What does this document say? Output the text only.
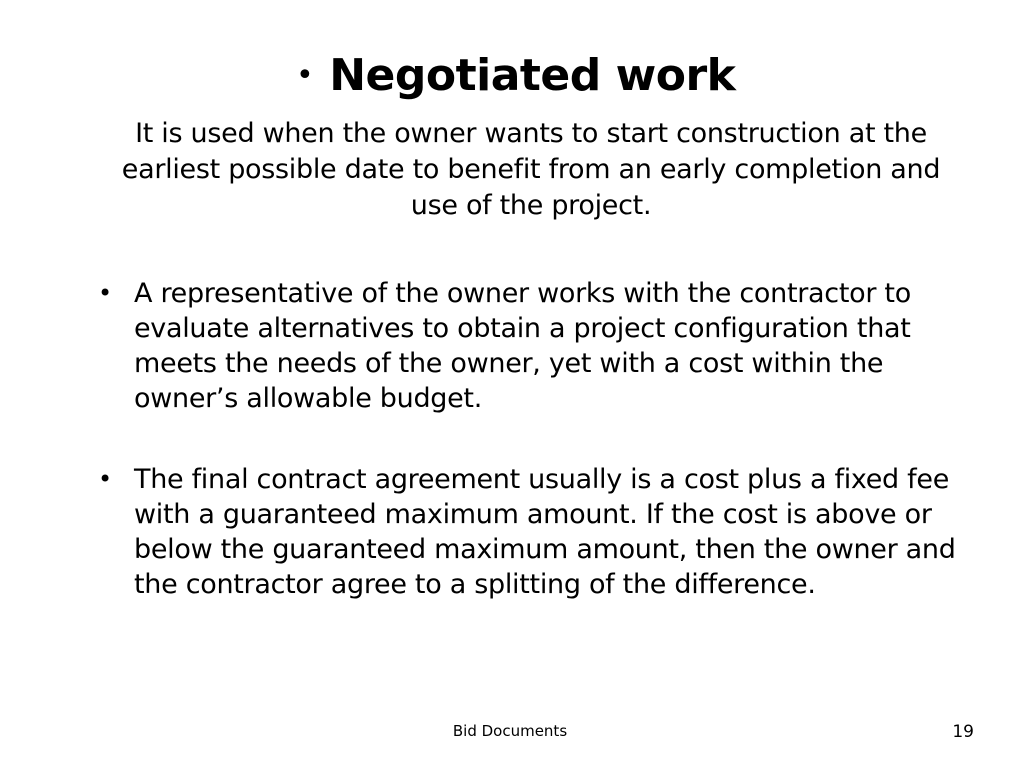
• Negotiated work
It is used when the owner wants to start construction at the earliest possible date to benefit from an early completion and use of the project.
• A representative of the owner works with the contractor to evaluate alternatives to obtain a project configuration that meets the needs of the owner, yet with a cost within the owner’s allowable budget.
• The final contract agreement usually is a cost plus a fixed fee with a guaranteed maximum amount. If the cost is above or below the guaranteed maximum amount, then the owner and the contractor agree to a splitting of the difference.
Bid Documents	19
